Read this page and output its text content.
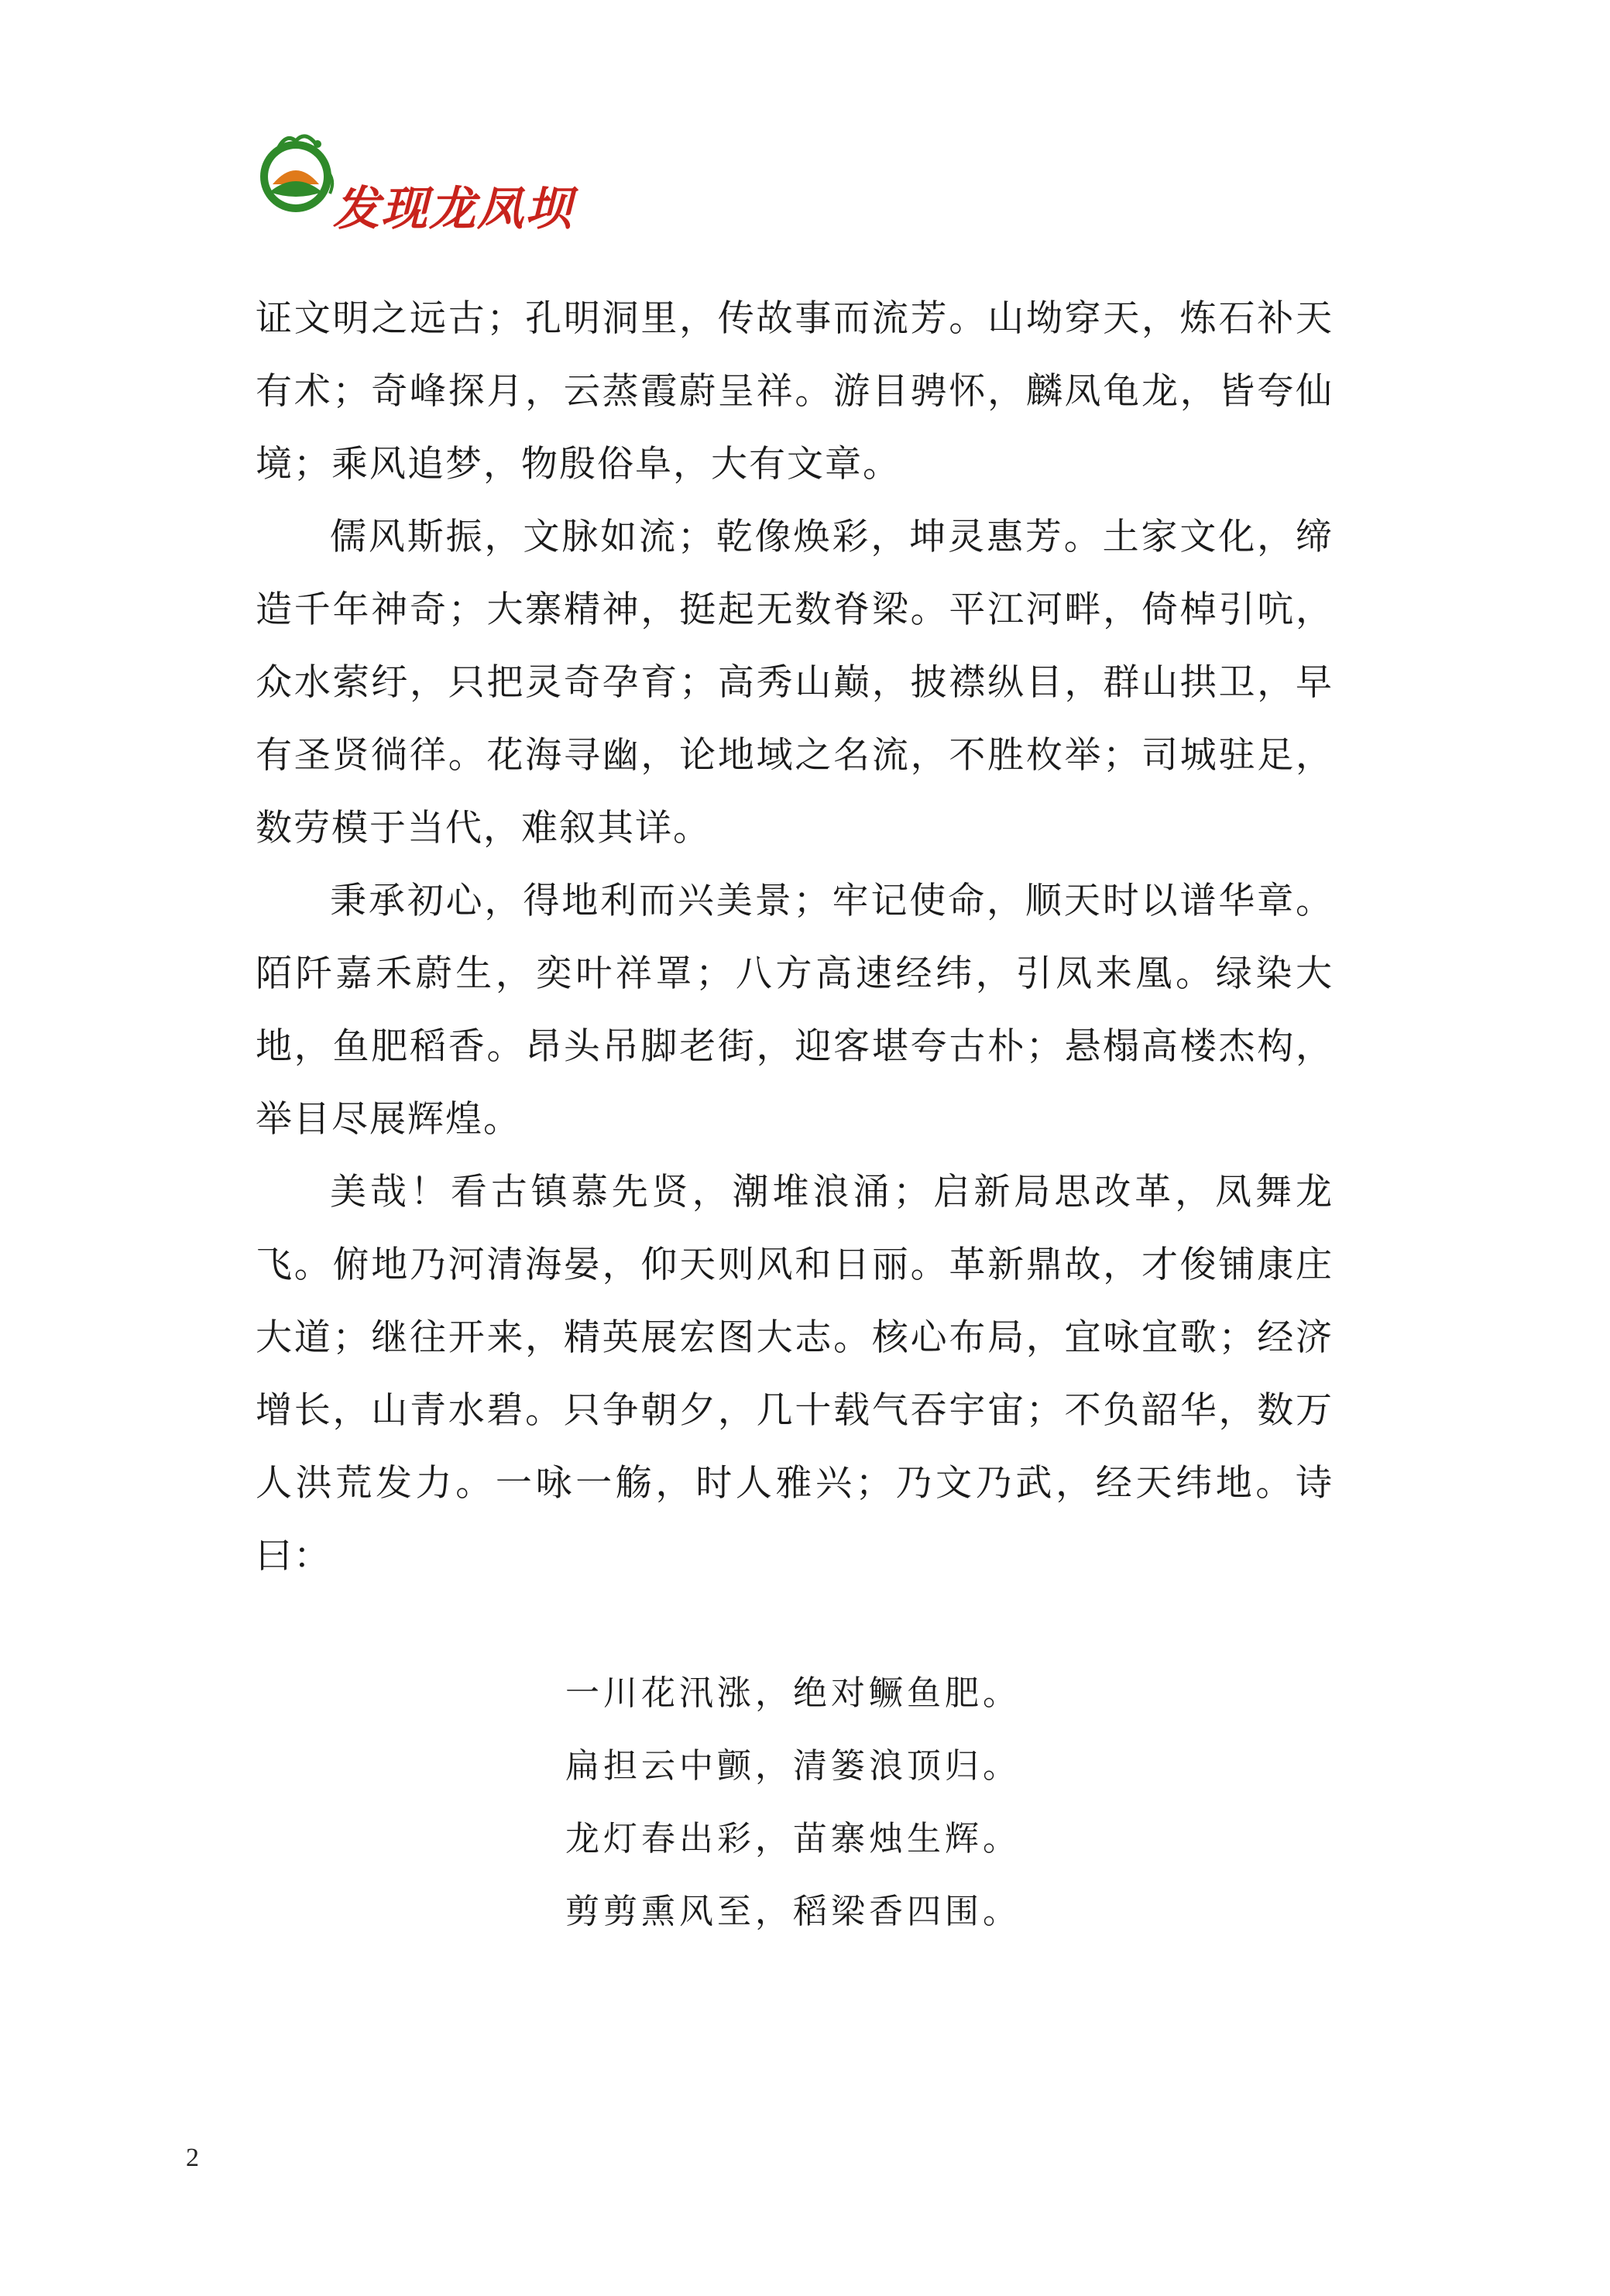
发现龙凤坝

证文明之远古；孔明洞里，传故事而流芳。山坳穿天，炼石补天有术；奇峰探月，云蒸霞蔚呈祥。游目骋怀，麟凤龟龙，皆夸仙境；乘风追梦，物殷俗阜，大有文章。

儒风斯振，文脉如流；乾像焕彩，坤灵惠芳。土家文化，缔造千年神奇；大寨精神，挺起无数脊梁。平江河畔，倚棹引吭，众水萦纡，只把灵奇孕育；高秀山巅，披襟纵目，群山拱卫，早有圣贤徜徉。花海寻幽，论地域之名流，不胜枚举；司城驻足，数劳模于当代，难叙其详。

秉承初心，得地利而兴美景；牢记使命，顺天时以谱华章。陌阡嘉禾蔚生，奕叶祥罩；八方高速经纬，引凤来凰。绿染大地，鱼肥稻香。昂头吊脚老街，迎客堪夸古朴；悬榻高楼杰构，举目尽展辉煌。

美哉！看古镇慕先贤，潮堆浪涌；启新局思改革，凤舞龙飞。俯地乃河清海晏，仰天则风和日丽。革新鼎故，才俊铺康庄大道；继往开来，精英展宏图大志。核心布局，宜咏宜歌；经济增长，山青水碧。只争朝夕，几十载气吞宇宙；不负韶华，数万人洪荒发力。一咏一觞，时人雅兴；乃文乃武，经天纬地。诗曰：

一川花汛涨，绝对鳜鱼肥。
扁担云中颤，清篓浪顶归。
龙灯春出彩，苗寨烛生辉。
剪剪熏风至，稻梁香四围。
2
